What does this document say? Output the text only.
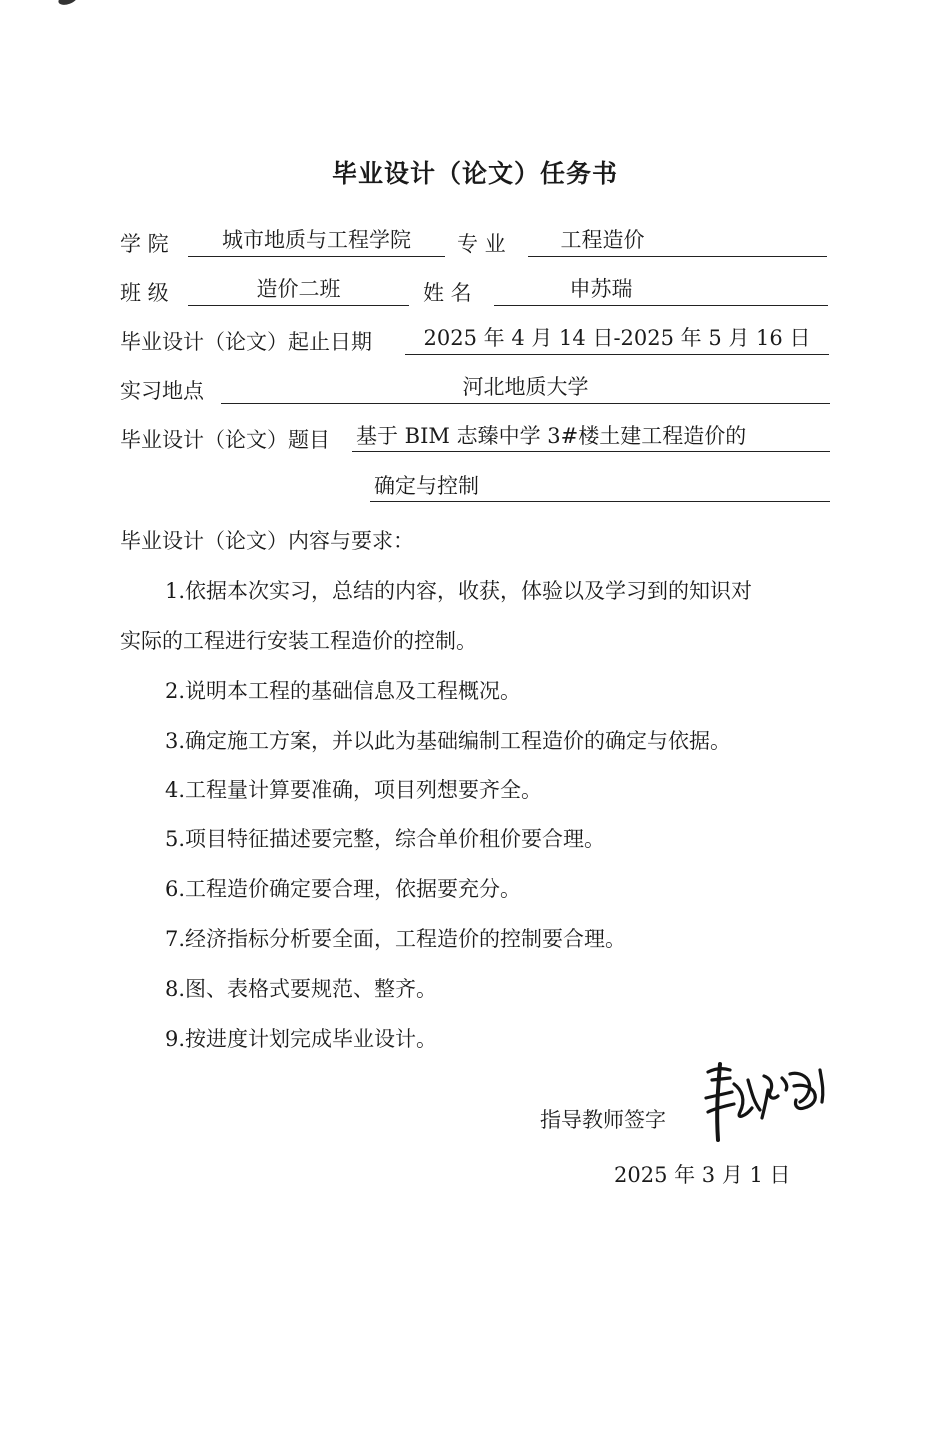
毕业设计（论文）任务书
学 院	城市地质与工程学院	专 业	工程造价
班 级	造价二班	姓 名	申苏瑞
毕业设计（论文）起止日期	2025 年 4 月 14 日-2025 年 5 月 16 日
实习地点	河北地质大学
毕业设计（论文）题目 基于 BIM 志臻中学 3#楼土建工程造价的
确定与控制
毕业设计（论文）内容与要求：
1.依据本次实习，总结的内容，收获，体验以及学习到的知识对
实际的工程进行安装工程造价的控制。
2.说明本工程的基础信息及工程概况。
3.确定施工方案，并以此为基础编制工程造价的确定与依据。
4.工程量计算要准确，项目列想要齐全。
5.项目特征描述要完整，综合单价租价要合理。
6.工程造价确定要合理，依据要充分。
7.经济指标分析要全面，工程造价的控制要合理。
8.图、表格式要规范、整齐。
9.按进度计划完成毕业设计。
指导教师签字
2025 年 3 月 1 日
